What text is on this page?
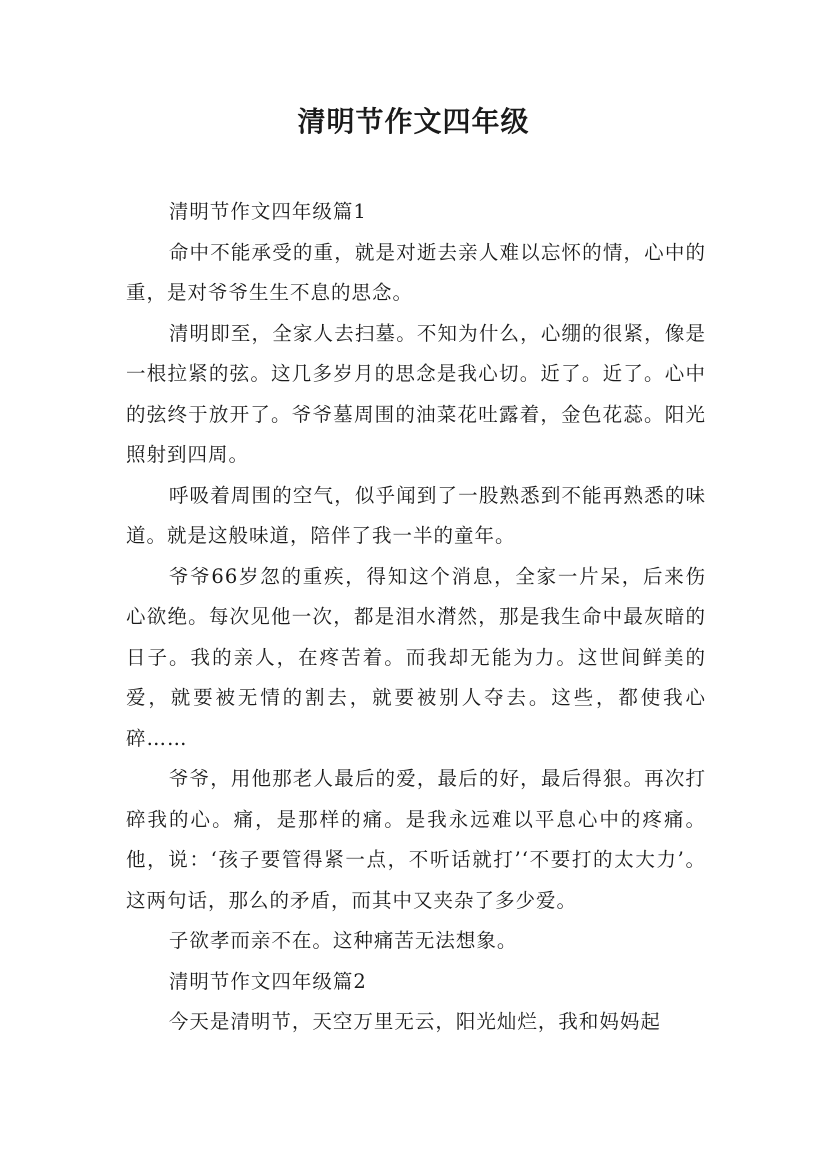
清明节作文四年级

清明节作文四年级篇1

命中不能承受的重，就是对逝去亲人难以忘怀的情，心中的重，是对爷爷生生不息的思念。

清明即至，全家人去扫墓。不知为什么，心绷的很紧，像是一根拉紧的弦。这几多岁月的思念是我心切。近了。近了。心中的弦终于放开了。爷爷墓周围的油菜花吐露着，金色花蕊。阳光照射到四周。

呼吸着周围的空气，似乎闻到了一股熟悉到不能再熟悉的味道。就是这般味道，陪伴了我一半的童年。

爷爷66岁忽的重疾，得知这个消息，全家一片呆，后来伤心欲绝。每次见他一次，都是泪水潸然，那是我生命中最灰暗的日子。我的亲人，在疼苦着。而我却无能为力。这世间鲜美的爱，就要被无情的割去，就要被别人夺去。这些，都使我心碎……

爷爷，用他那老人最后的爱，最后的好，最后得狠。再次打碎我的心。痛，是那样的痛。是我永远难以平息心中的疼痛。他，说：‘孩子要管得紧一点，不听话就打’‘不要打的太大力’。这两句话，那么的矛盾，而其中又夹杂了多少爱。

子欲孝而亲不在。这种痛苦无法想象。

清明节作文四年级篇2

今天是清明节，天空万里无云，阳光灿烂，我和妈妈起
